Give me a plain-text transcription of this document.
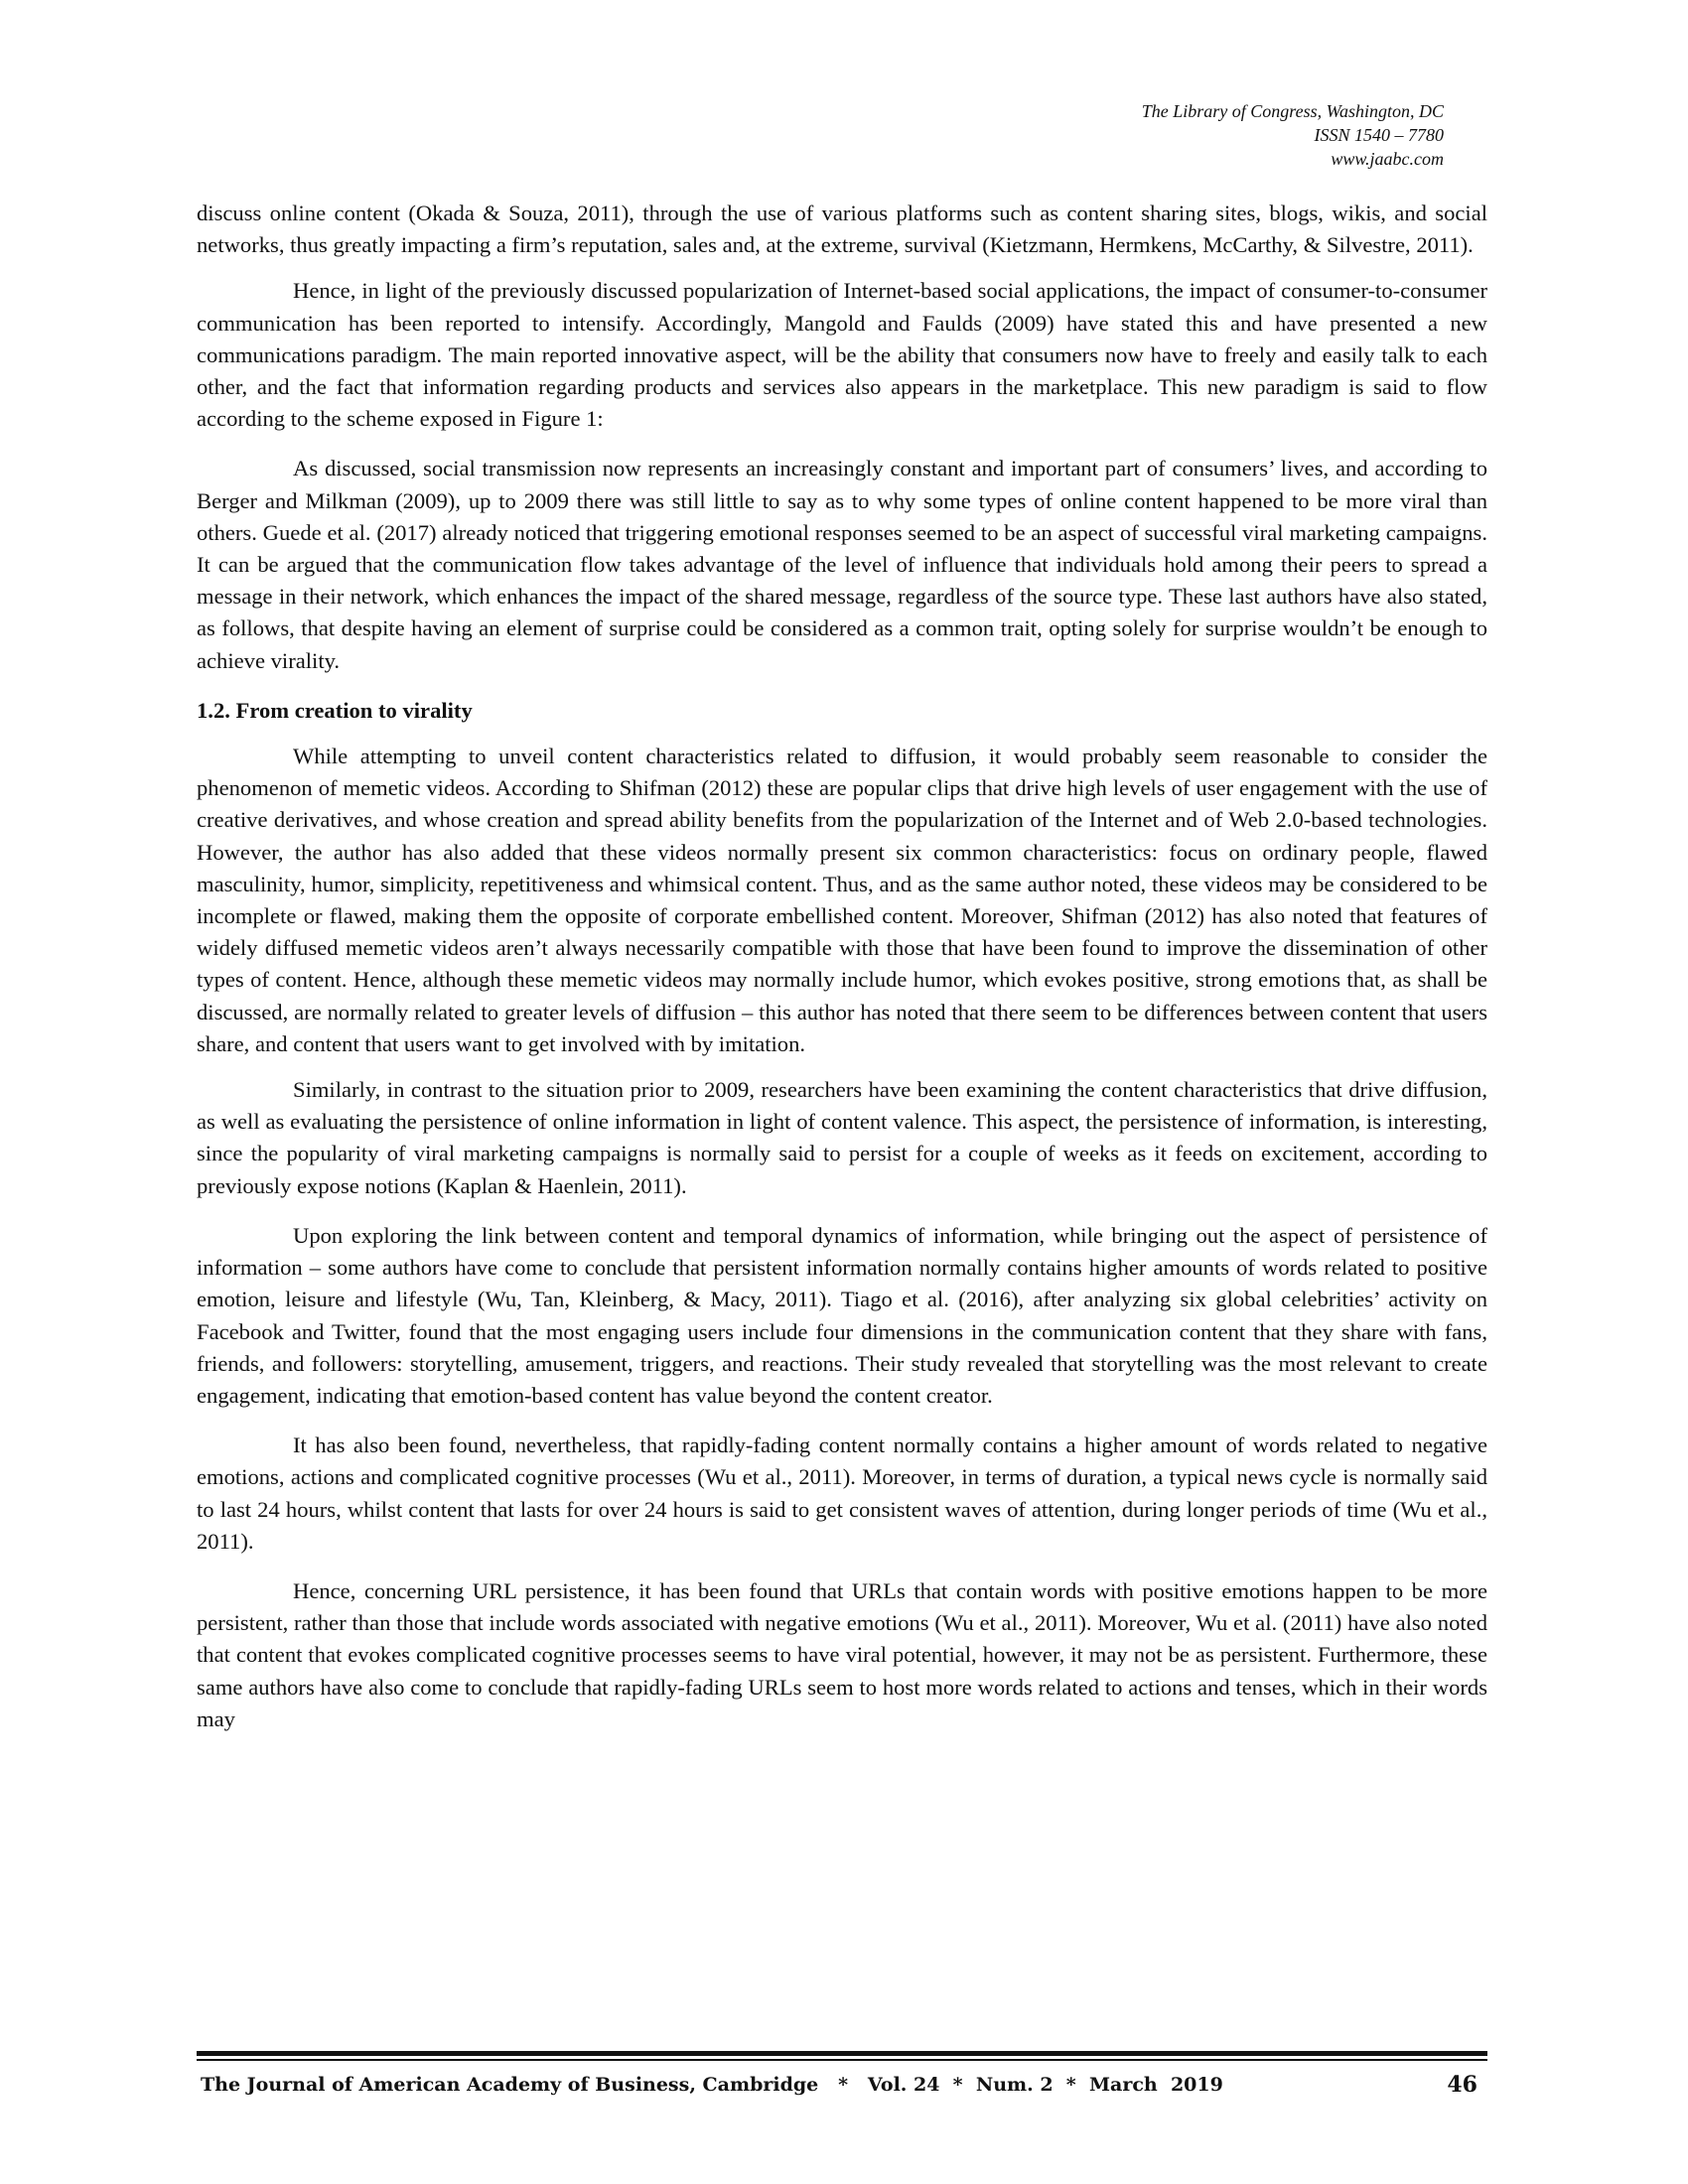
The Library of Congress, Washington, DC
ISSN 1540 – 7780
www.jaabc.com

discuss online content (Okada & Souza, 2011), through the use of various platforms such as content sharing sites, blogs, wikis, and social networks, thus greatly impacting a firm’s reputation, sales and, at the extreme, survival (Kietzmann, Hermkens, McCarthy, & Silvestre, 2011).

Hence, in light of the previously discussed popularization of Internet-based social applications, the impact of consumer-to-consumer communication has been reported to intensify. Accordingly, Mangold and Faulds (2009) have stated this and have presented a new communications paradigm. The main reported innovative aspect, will be the ability that consumers now have to freely and easily talk to each other, and the fact that information regarding products and services also appears in the marketplace. This new paradigm is said to flow according to the scheme exposed in Figure 1:

As discussed, social transmission now represents an increasingly constant and important part of consumers’ lives, and according to Berger and Milkman (2009), up to 2009 there was still little to say as to why some types of online content happened to be more viral than others. Guede et al. (2017) already noticed that triggering emotional responses seemed to be an aspect of successful viral marketing campaigns. It can be argued that the communication flow takes advantage of the level of influence that individuals hold among their peers to spread a message in their network, which enhances the impact of the shared message, regardless of the source type. These last authors have also stated, as follows, that despite having an element of surprise could be considered as a common trait, opting solely for surprise wouldn’t be enough to achieve virality.

1.2. From creation to virality

While attempting to unveil content characteristics related to diffusion, it would probably seem reasonable to consider the phenomenon of memetic videos. According to Shifman (2012) these are popular clips that drive high levels of user engagement with the use of creative derivatives, and whose creation and spread ability benefits from the popularization of the Internet and of Web 2.0-based technologies. However, the author has also added that these videos normally present six common characteristics: focus on ordinary people, flawed masculinity, humor, simplicity, repetitiveness and whimsical content. Thus, and as the same author noted, these videos may be considered to be incomplete or flawed, making them the opposite of corporate embellished content. Moreover, Shifman (2012) has also noted that features of widely diffused memetic videos aren’t always necessarily compatible with those that have been found to improve the dissemination of other types of content. Hence, although these memetic videos may normally include humor, which evokes positive, strong emotions that, as shall be discussed, are normally related to greater levels of diffusion – this author has noted that there seem to be differences between content that users share, and content that users want to get involved with by imitation.

Similarly, in contrast to the situation prior to 2009, researchers have been examining the content characteristics that drive diffusion, as well as evaluating the persistence of online information in light of content valence. This aspect, the persistence of information, is interesting, since the popularity of viral marketing campaigns is normally said to persist for a couple of weeks as it feeds on excitement, according to previously expose notions (Kaplan & Haenlein, 2011).

Upon exploring the link between content and temporal dynamics of information, while bringing out the aspect of persistence of information – some authors have come to conclude that persistent information normally contains higher amounts of words related to positive emotion, leisure and lifestyle (Wu, Tan, Kleinberg, & Macy, 2011). Tiago et al. (2016), after analyzing six global celebrities’ activity on Facebook and Twitter, found that the most engaging users include four dimensions in the communication content that they share with fans, friends, and followers: storytelling, amusement, triggers, and reactions. Their study revealed that storytelling was the most relevant to create engagement, indicating that emotion-based content has value beyond the content creator.

It has also been found, nevertheless, that rapidly-fading content normally contains a higher amount of words related to negative emotions, actions and complicated cognitive processes (Wu et al., 2011). Moreover, in terms of duration, a typical news cycle is normally said to last 24 hours, whilst content that lasts for over 24 hours is said to get consistent waves of attention, during longer periods of time (Wu et al., 2011).

Hence, concerning URL persistence, it has been found that URLs that contain words with positive emotions happen to be more persistent, rather than those that include words associated with negative emotions (Wu et al., 2011). Moreover, Wu et al. (2011) have also noted that content that evokes complicated cognitive processes seems to have viral potential, however, it may not be as persistent. Furthermore, these same authors have also come to conclude that rapidly-fading URLs seem to host more words related to actions and tenses, which in their words may

The Journal of American Academy of Business, Cambridge   *   Vol. 24  *  Num. 2  *  March  2019	46
